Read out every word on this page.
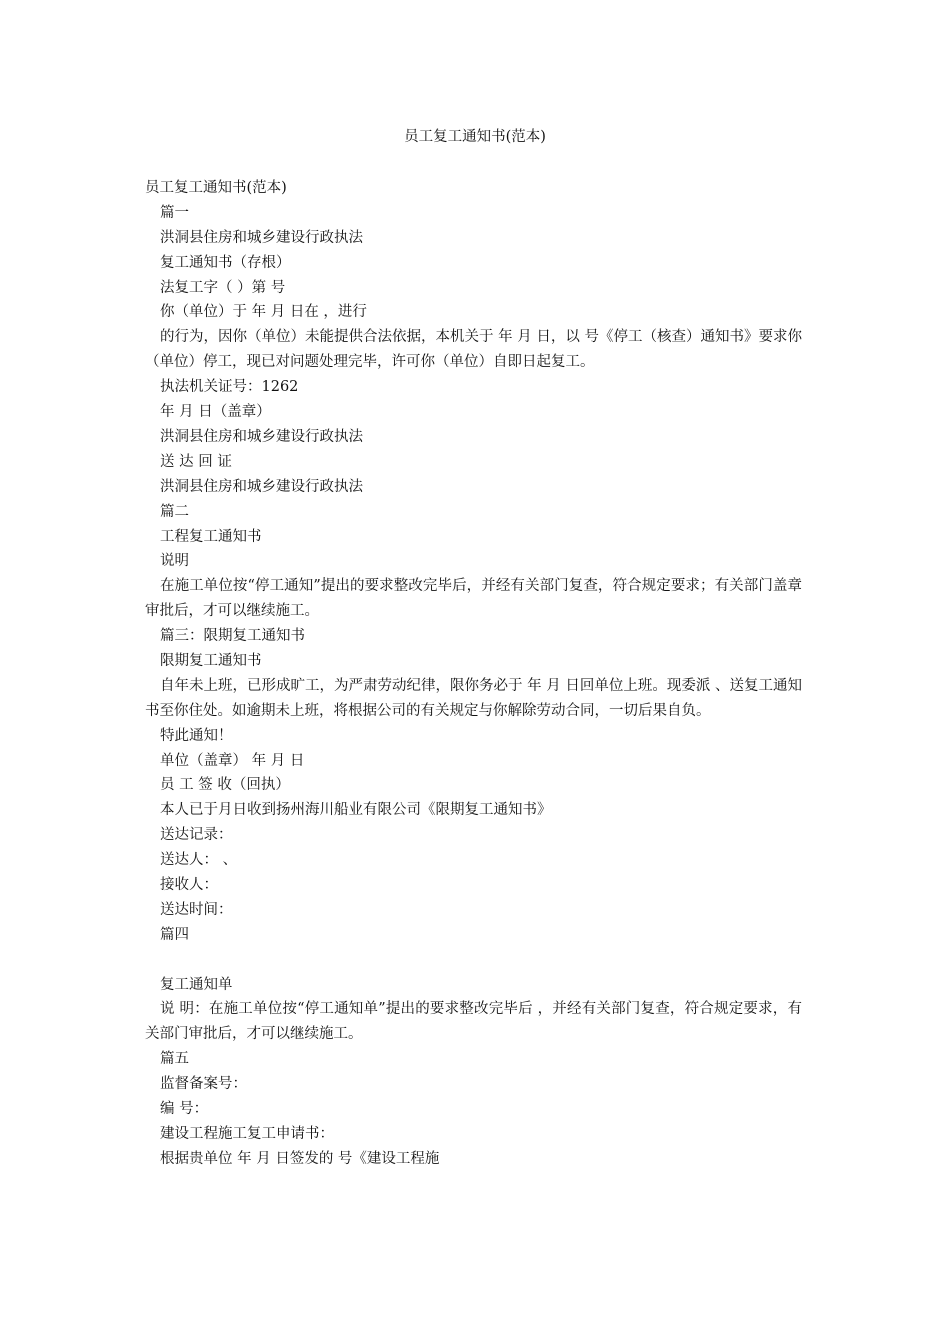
员工复工通知书(范本)
员工复工通知书(范本)
篇一
洪洞县住房和城乡建设行政执法
复工通知书（存根）
法复工字（ ）第 号
你（单位）于 年 月 日在 ，进行
的行为，因你（单位）未能提供合法依据，本机关于 年 月 日，以 号《停工（核查）通知书》要求你（单位）停工，现已对问题处理完毕，许可你（单位）自即日起复工。
执法机关证号：1262
年 月 日（盖章）
洪洞县住房和城乡建设行政执法
送 达 回 证
洪洞县住房和城乡建设行政执法
篇二
工程复工通知书
说明
在施工单位按“停工通知”提出的要求整改完毕后，并经有关部门复查，符合规定要求；有关部门盖章审批后，才可以继续施工。
篇三：限期复工通知书
限期复工通知书
自年未上班，已形成旷工，为严肃劳动纪律，限你务必于 年 月 日回单位上班。现委派 、送复工通知书至你住处。如逾期未上班，将根据公司的有关规定与你解除劳动合同，一切后果自负。
特此通知！
单位（盖章） 年 月 日
员 工 签 收（回执）
本人已于月日收到扬州海川船业有限公司《限期复工通知书》
送达记录：
送达人： 、
接收人：
送达时间：
篇四
复工通知单
说 明：在施工单位按“停工通知单”提出的要求整改完毕后 ，并经有关部门复查，符合规定要求，有关部门审批后，才可以继续施工。
篇五
监督备案号：
编 号：
建设工程施工复工申请书：
根据贵单位 年 月 日签发的 号《建设工程施
